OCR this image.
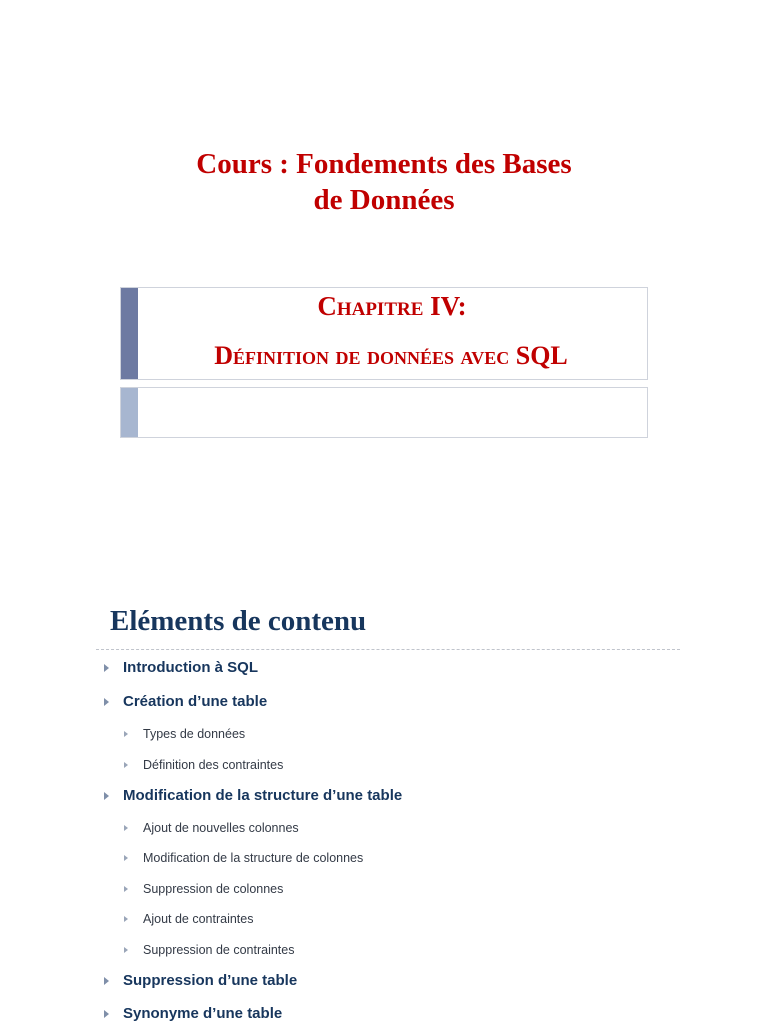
Cours : Fondements des Bases
de Données
Chapitre IV:
Définition de données avec SQL
Eléments de contenu
Introduction à SQL
Création d’une table
Types de données
Définition des contraintes
Modification de la structure d’une table
Ajout de nouvelles colonnes
Modification de la structure de colonnes
Suppression de colonnes
Ajout de contraintes
Suppression de contraintes
Suppression d’une table
Synonyme d’une table
